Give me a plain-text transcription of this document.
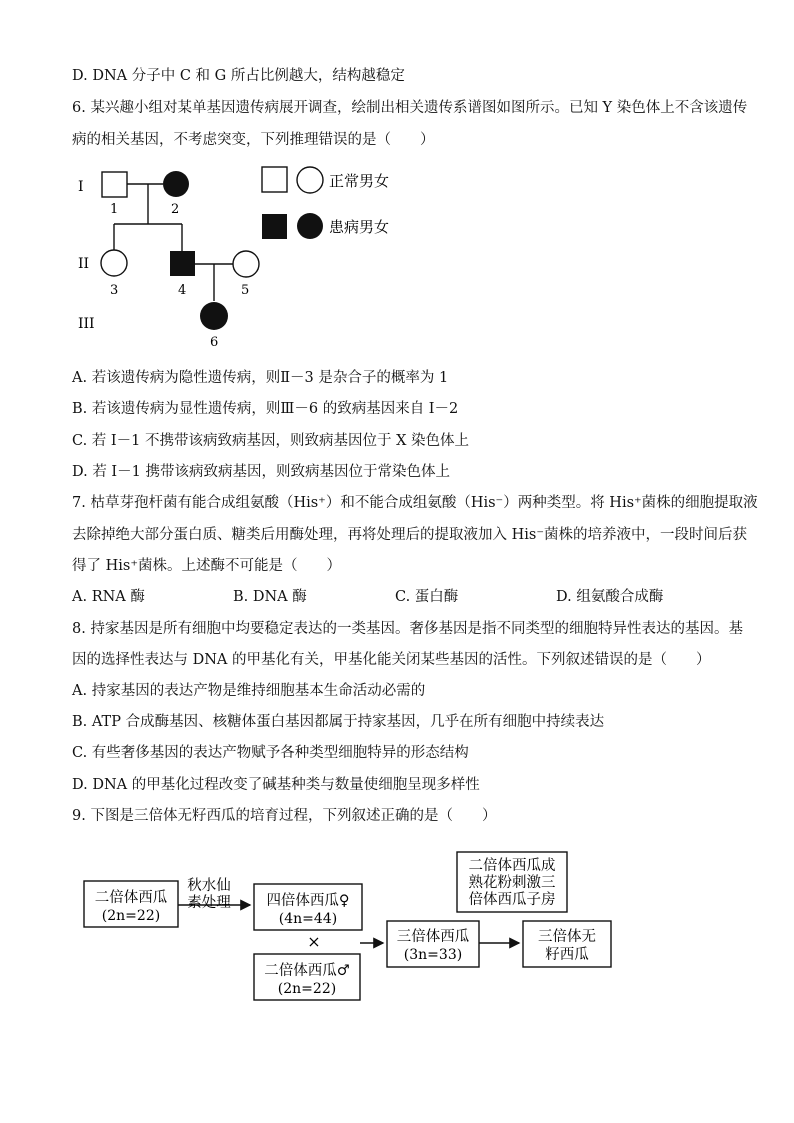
D. DNA 分子中 C 和 G 所占比例越大，结构越稳定
6. 某兴趣小组对某单基因遗传病展开调查，绘制出相关遗传系谱图如图所示。已知 Y 染色体上不含该遗传
病的相关基因，不考虑突变，下列推理错误的是（　　）
I
II
III
1	2
3	4	5
6
正常男女
患病男女
A. 若该遗传病为隐性遗传病，则Ⅱ－3 是杂合子的概率为 1
B. 若该遗传病为显性遗传病，则Ⅲ－6 的致病基因来自 I－2
C. 若 I－1 不携带该病致病基因，则致病基因位于 X 染色体上
D. 若 I－1 携带该病致病基因，则致病基因位于常染色体上
7. 枯草芽孢杆菌有能合成组氨酸（His⁺）和不能合成组氨酸（His⁻）两种类型。将 His⁺菌株的细胞提取液
去除掉绝大部分蛋白质、糖类后用酶处理，再将处理后的提取液加入 His⁻菌株的培养液中，一段时间后获
得了 His⁺菌株。上述酶不可能是（　　）
A. RNA 酶	B. DNA 酶	C. 蛋白酶	D. 组氨酸合成酶
8. 持家基因是所有细胞中均要稳定表达的一类基因。奢侈基因是指不同类型的细胞特异性表达的基因。基
因的选择性表达与 DNA 的甲基化有关，甲基化能关闭某些基因的活性。下列叙述错误的是（　　）
A. 持家基因的表达产物是维持细胞基本生命活动必需的
B. ATP 合成酶基因、核糖体蛋白基因都属于持家基因，几乎在所有细胞中持续表达
C. 有些奢侈基因的表达产物赋予各种类型细胞特异的形态结构
D. DNA 的甲基化过程改变了碱基种类与数量使细胞呈现多样性
9. 下图是三倍体无籽西瓜的培育过程，下列叙述正确的是（　　）
二倍体西瓜
(2n=22)
秋水仙
素处理 四倍体西瓜♀
(4n=44)
×
二倍体西瓜♂
(2n=22)
三倍体西瓜
(3n=33)
三倍体无
籽西瓜
二倍体西瓜成
熟花粉刺激三
倍体西瓜子房
